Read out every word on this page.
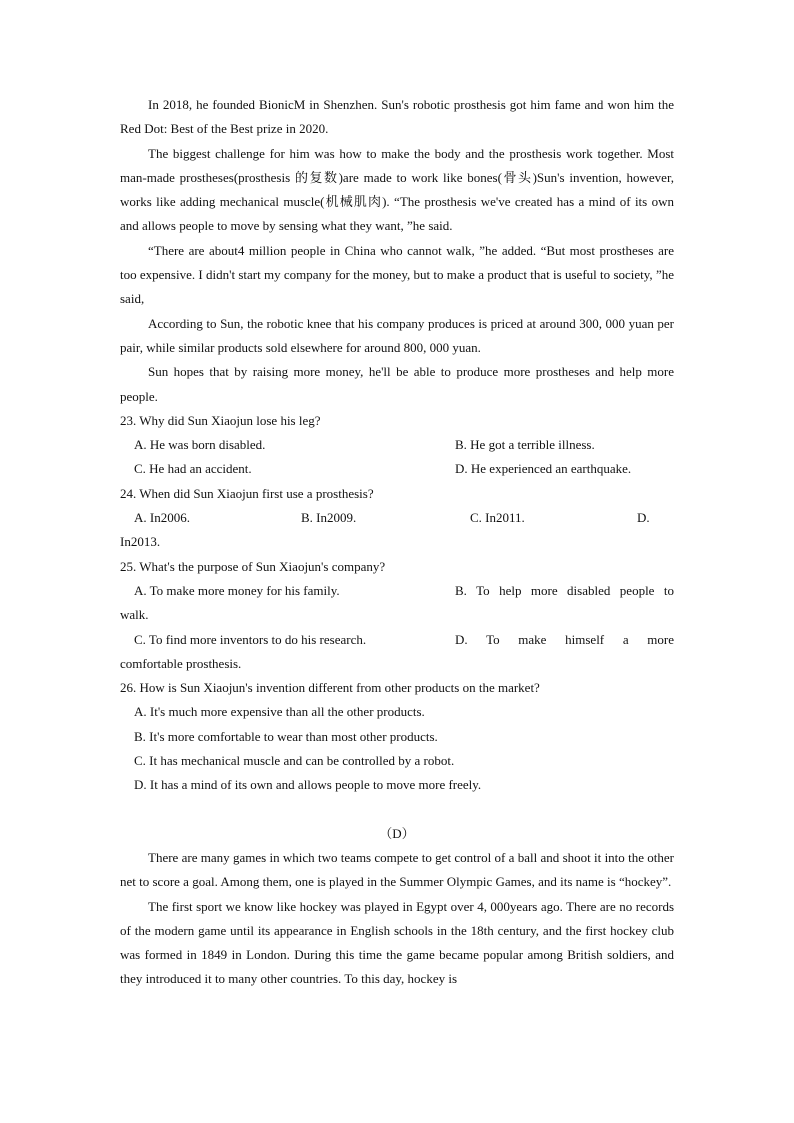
In 2018, he founded BionicM in Shenzhen. Sun's robotic prosthesis got him fame and won him the Red Dot: Best of the Best prize in 2020.

The biggest challenge for him was how to make the body and the prosthesis work together. Most man-made prostheses(prosthesis 的复数)are made to work like bones(骨头)Sun's invention, however, works like adding mechanical muscle(机械肌肉). “The prosthesis we've created has a mind of its own and allows people to move by sensing what they want, ”he said.

“There are about4 million people in China who cannot walk, ”he added. “But most prostheses are too expensive. I didn't start my company for the money, but to make a product that is useful to society, ”he said,

According to Sun, the robotic knee that his company produces is priced at around 300, 000 yuan per pair, while similar products sold elsewhere for around 800, 000 yuan.

Sun hopes that by raising more money, he'll be able to produce more prostheses and help more people.

23. Why did Sun Xiaojun lose his leg?

A. He was born disabled.	B. He got a terrible illness.
C. He had an accident.	D. He experienced an earthquake.

24. When did Sun Xiaojun first use a prosthesis?

A. In2006.	B. In2009.	C. In2011.	D.

In2013.

25. What's the purpose of Sun Xiaojun's company?

A. To make more money for his family.	B. To help more disabled people to

walk.

C. To find more inventors to do his research.	D. To make himself a more

comfortable prosthesis.

26. How is Sun Xiaojun's invention different from other products on the market?

A. It's much more expensive than all the other products.

B. It's more comfortable to wear than most other products.

C. It has mechanical muscle and can be controlled by a robot.

D. It has a mind of its own and allows people to move more freely.

（D）

There are many games in which two teams compete to get control of a ball and shoot it into the other net to score a goal. Among them, one is played in the Summer Olympic Games, and its name is “hockey”.

The first sport we know like hockey was played in Egypt over 4, 000years ago. There are no records of the modern game until its appearance in English schools in the 18th century, and the first hockey club was formed in 1849 in London. During this time the game became popular among British soldiers, and they introduced it to many other countries. To this day, hockey is
